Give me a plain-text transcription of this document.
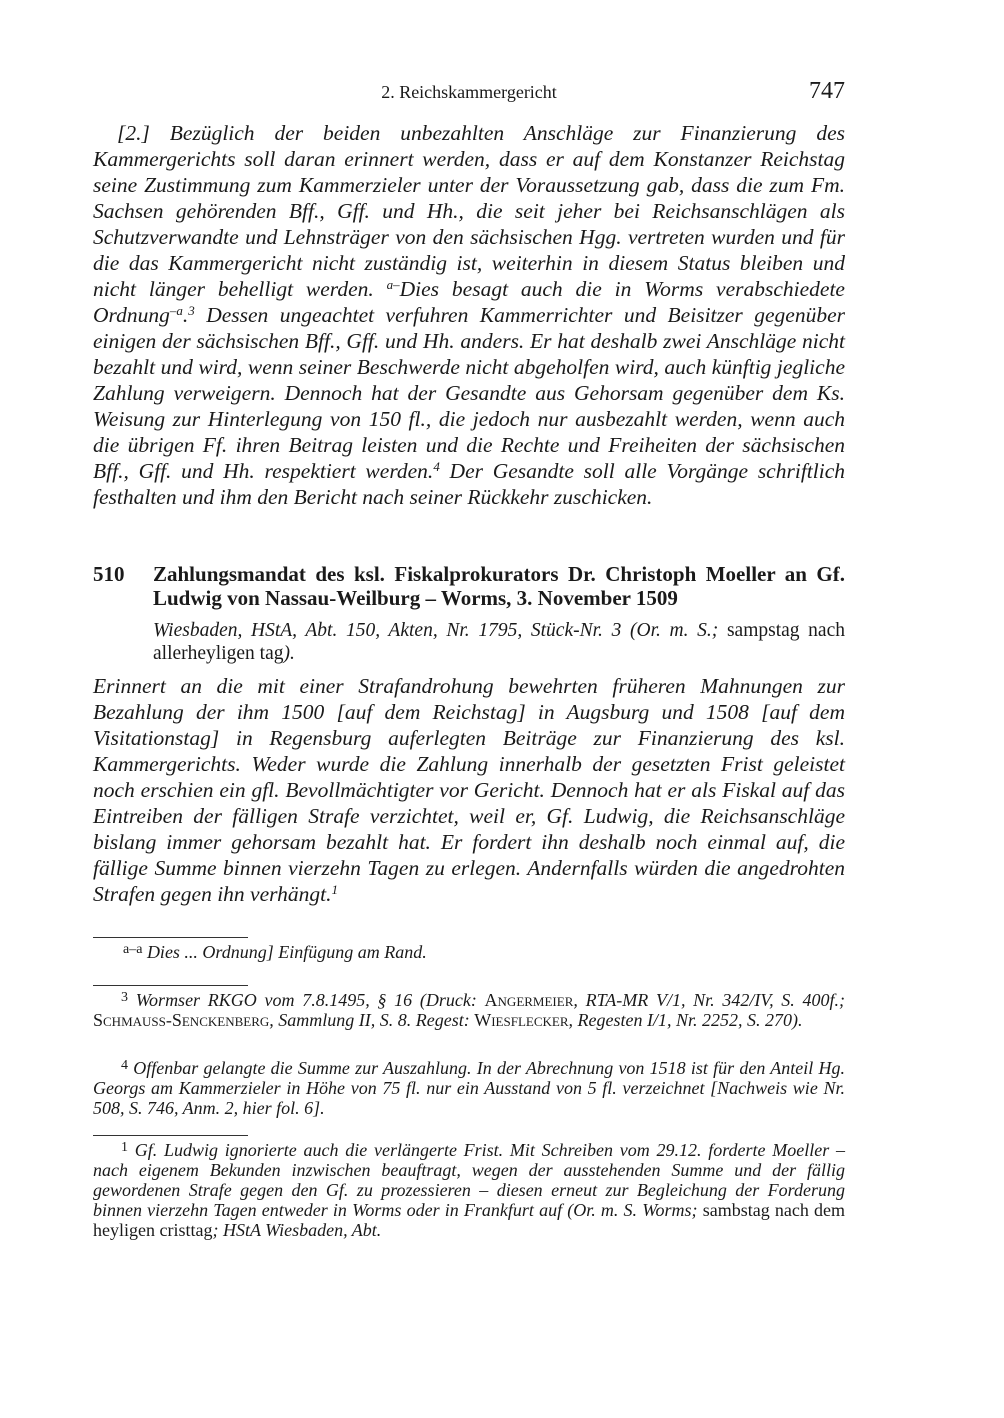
2. Reichskammergericht	747
[2.] Bezüglich der beiden unbezahlten Anschläge zur Finanzierung des Kammergerichts soll daran erinnert werden, dass er auf dem Konstanzer Reichstag seine Zustimmung zum Kammerzieler unter der Voraussetzung gab, dass die zum Fm. Sachsen gehörenden Bff., Gff. und Hh., die seit jeher bei Reichsanschlägen als Schutzverwandte und Lehnsträger von den sächsischen Hgg. vertreten wurden und für die das Kammergericht nicht zuständig ist, weiterhin in diesem Status bleiben und nicht länger behelligt werden. $^{a-}$Dies besagt auch die in Worms verabschiedete Ordnung$^{-a}$.$^3$ Dessen ungeachtet verfuhren Kammerrichter und Beisitzer gegenüber einigen der sächsischen Bff., Gff. und Hh. anders. Er hat deshalb zwei Anschläge nicht bezahlt und wird, wenn seiner Beschwerde nicht abgeholfen wird, auch künftig jegliche Zahlung verweigern. Dennoch hat der Gesandte aus Gehorsam gegenüber dem Ks. Weisung zur Hinterlegung von 150 fl., die jedoch nur ausbezahlt werden, wenn auch die übrigen Ff. ihren Beitrag leisten und die Rechte und Freiheiten der sächsischen Bff., Gff. und Hh. respektiert werden.$^4$ Der Gesandte soll alle Vorgänge schriftlich festhalten und ihm den Bericht nach seiner Rückkehr zuschicken.
510 Zahlungsmandat des ksl. Fiskalprokurators Dr. Christoph Moeller an Gf. Ludwig von Nassau-Weilburg – Worms, 3. November 1509
Wiesbaden, HStA, Abt. 150, Akten, Nr. 1795, Stück-Nr. 3 (Or. m. S.; sampstag nach allerheyligen tag).
Erinnert an die mit einer Strafandrohung bewehrten früheren Mahnungen zur Bezahlung der ihm 1500 [auf dem Reichstag] in Augsburg und 1508 [auf dem Visitationstag] in Regensburg auferlegten Beiträge zur Finanzierung des ksl. Kammergerichts. Weder wurde die Zahlung innerhalb der gesetzten Frist geleistet noch erschien ein gfl. Bevollmächtigter vor Gericht. Dennoch hat er als Fiskal auf das Eintreiben der fälligen Strafe verzichtet, weil er, Gf. Ludwig, die Reichsanschläge bislang immer gehorsam bezahlt hat. Er fordert ihn deshalb noch einmal auf, die fällige Summe binnen vierzehn Tagen zu erlegen. Andernfalls würden die angedrohten Strafen gegen ihn verhängt.$^1$
$^{a-a}$ Dies ... Ordnung] Einfügung am Rand.
$^3$ Wormser RKGO vom 7.8.1495, § 16 (Druck: Angermeier, RTA-MR V/1, Nr. 342/IV, S. 400f.; Schmauss-Senckenberg, Sammlung II, S. 8. Regest: Wiesflecker, Regesten I/1, Nr. 2252, S. 270).
$^4$ Offenbar gelangte die Summe zur Auszahlung. In der Abrechnung von 1518 ist für den Anteil Hg. Georgs am Kammerzieler in Höhe von 75 fl. nur ein Ausstand von 5 fl. verzeichnet [Nachweis wie Nr. 508, S. 746, Anm. 2, hier fol. 6].
$^1$ Gf. Ludwig ignorierte auch die verlängerte Frist. Mit Schreiben vom 29.12. forderte Moeller – nach eigenem Bekunden inzwischen beauftragt, wegen der ausstehenden Summe und der fällig gewordenen Strafe gegen den Gf. zu prozessieren – diesen erneut zur Begleichung der Forderung binnen vierzehn Tagen entweder in Worms oder in Frankfurt auf (Or. m. S. Worms; sambstag nach dem heyligen cristtag; HStA Wiesbaden, Abt.
